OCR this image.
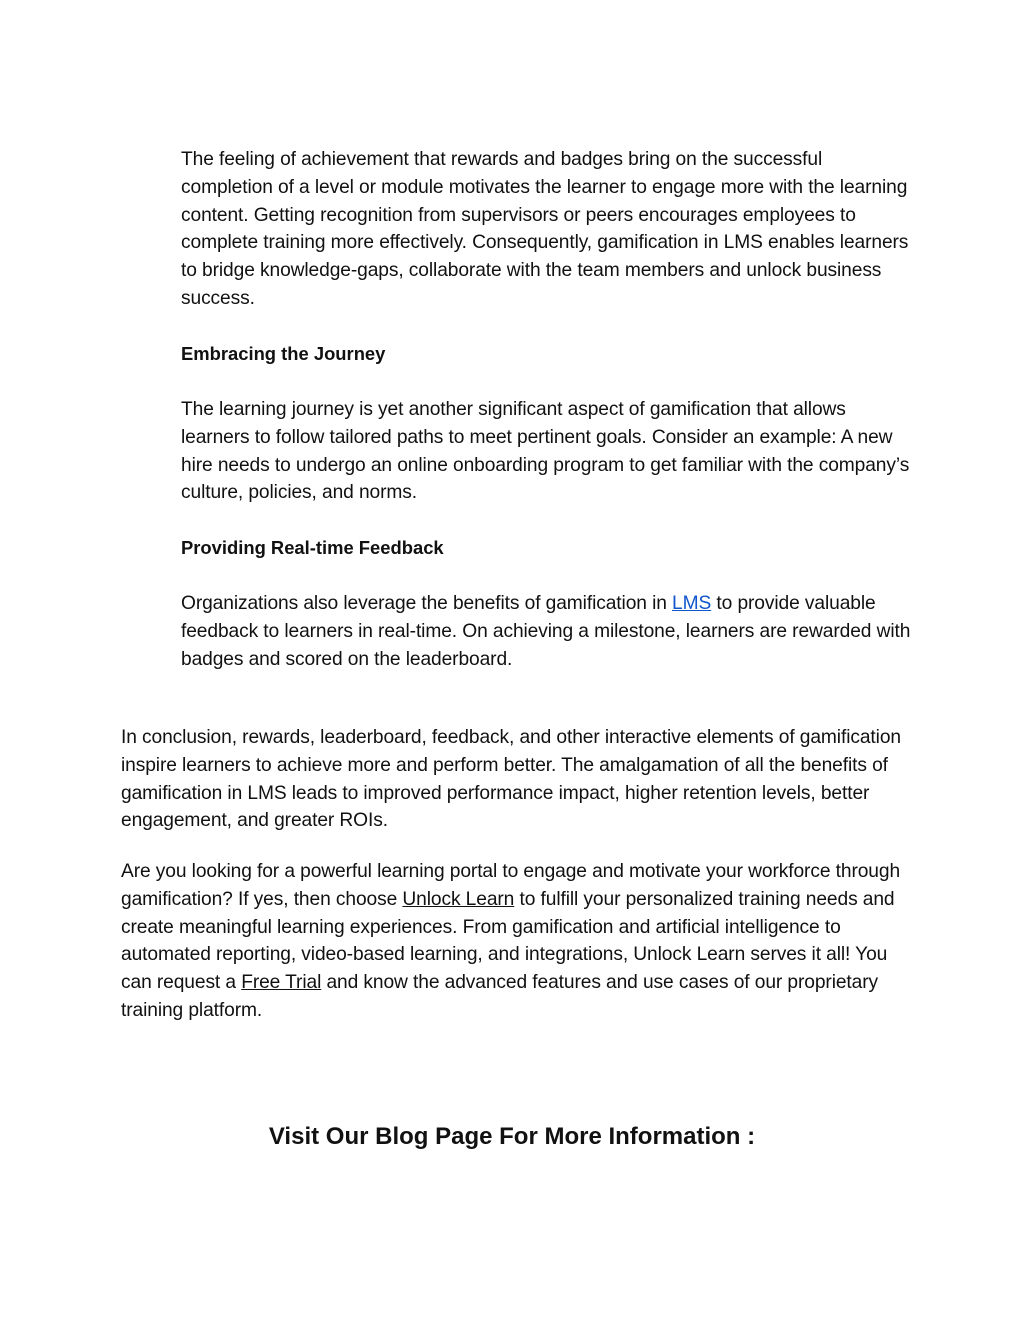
The feeling of achievement that rewards and badges bring on the successful completion of a level or module motivates the learner to engage more with the learning content. Getting recognition from supervisors or peers encourages employees to complete training more effectively. Consequently, gamification in LMS enables learners to bridge knowledge-gaps, collaborate with the team members and unlock business success.

Embracing the Journey

The learning journey is yet another significant aspect of gamification that allows learners to follow tailored paths to meet pertinent goals. Consider an example: A new hire needs to undergo an online onboarding program to get familiar with the company’s culture, policies, and norms.

Providing Real-time Feedback

Organizations also leverage the benefits of gamification in LMS to provide valuable feedback to learners in real-time. On achieving a milestone, learners are rewarded with badges and scored on the leaderboard.

In conclusion, rewards, leaderboard, feedback, and other interactive elements of gamification inspire learners to achieve more and perform better. The amalgamation of all the benefits of gamification in LMS leads to improved performance impact, higher retention levels, better engagement, and greater ROIs.

Are you looking for a powerful learning portal to engage and motivate your workforce through gamification? If yes, then choose Unlock Learn to fulfill your personalized training needs and create meaningful learning experiences. From gamification and artificial intelligence to automated reporting, video-based learning, and integrations, Unlock Learn serves it all! You can request a Free Trial and know the advanced features and use cases of our proprietary training platform.

Visit Our Blog Page For More Information :
